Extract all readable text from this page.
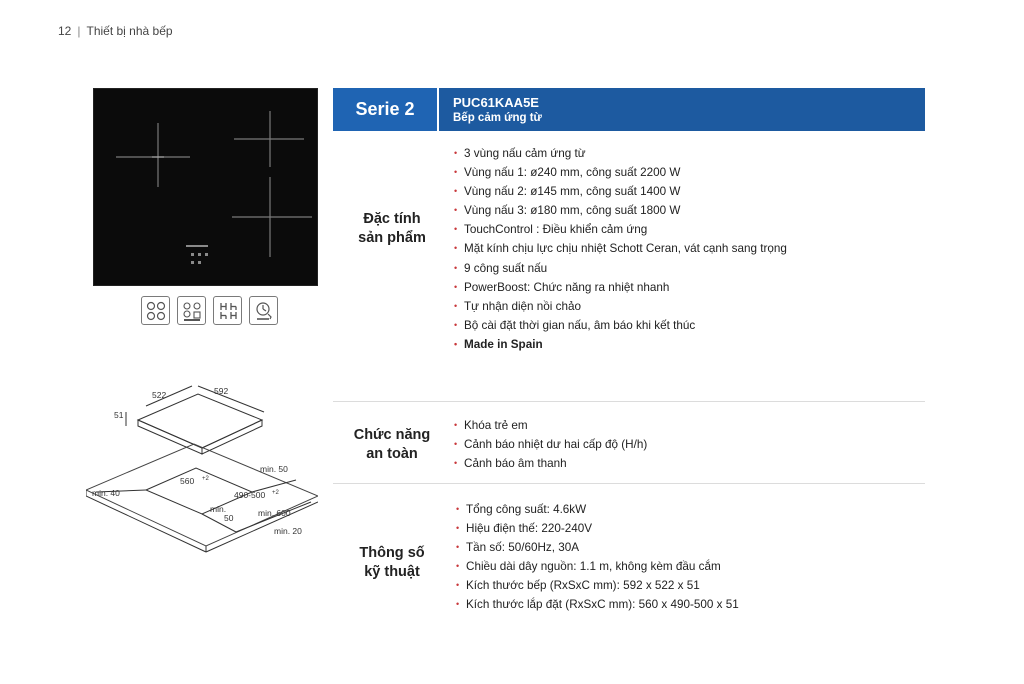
12 | Thiết bị nhà bếp
592
522
51
560 +2
490-500 +2
min. 50
min. 40
min.
50	min. 600
min. 20
Serie 2	PUC61KAA5E
Bếp cảm ứng từ
Đặc tính
sản phẩm
• 3 vùng nấu cảm ứng từ
• Vùng nấu 1: ø240 mm, công suất 2200 W
• Vùng nấu 2: ø145 mm, công suất 1400 W
• Vùng nấu 3: ø180 mm, công suất 1800 W
• TouchControl : Điều khiển cảm ứng
• Mặt kính chịu lực chịu nhiệt Schott Ceran, vát cạnh sang trọng
• 9 công suất nấu
• PowerBoost: Chức năng ra nhiệt nhanh
• Tự nhận diện nồi chảo
• Bộ cài đặt thời gian nấu, âm báo khi kết thúc
• Made in Spain
Chức năng
an toàn
• Khóa trẻ em
• Cảnh báo nhiệt dư hai cấp độ (H/h)
• Cảnh báo âm thanh
Thông số
kỹ thuật
• Tổng công suất: 4.6kW
• Hiệu điện thế: 220-240V
• Tần số: 50/60Hz, 30A
• Chiều dài dây nguồn: 1.1 m, không kèm đầu cắm
• Kích thước bếp (RxSxC mm): 592 x 522 x 51
• Kích thước lắp đặt (RxSxC mm): 560 x 490-500 x 51
